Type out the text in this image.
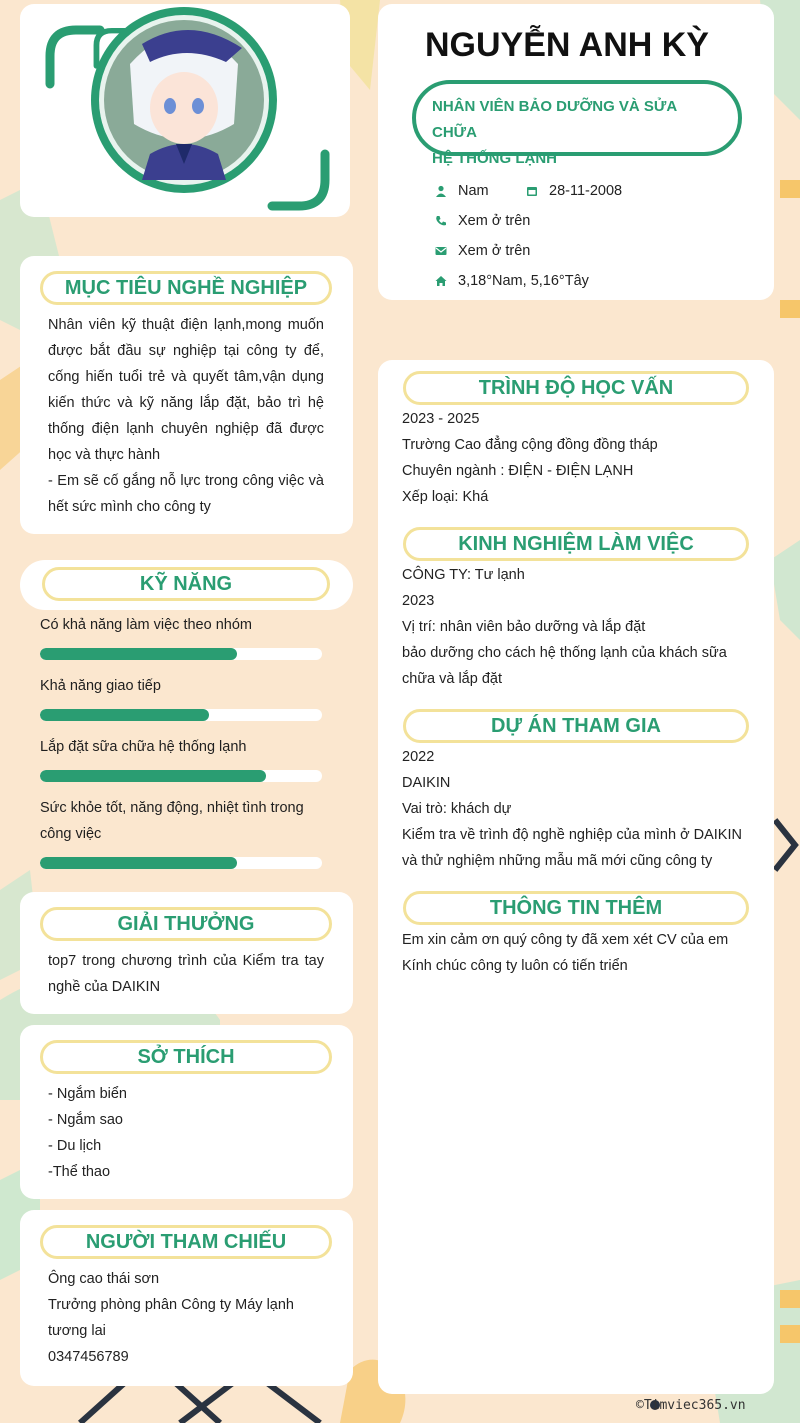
NGUYỄN ANH KỲ
NHÂN VIÊN BẢO DƯỠNG VÀ SỬA CHỮA
HỆ THỐNG LẠNH
Nam	28-11-2008
Xem ở trên
Xem ở trên
3,18°Nam, 5,16°Tây
MỤC TIÊU NGHỀ NGHIỆP
Nhân viên kỹ thuật điện lạnh,mong muốn được bắt đầu sự nghiệp tại công ty để, cống hiến tuổi trẻ và quyết tâm,vận dụng kiến thức và kỹ năng lắp đặt, bảo trì hệ thống điện lạnh chuyên nghiệp đã được học và thực hành
- Em sẽ cố gắng nỗ lực trong công việc và hết sức mình cho công ty
KỸ NĂNG
Có khả năng làm việc theo nhóm
Khả năng giao tiếp
Lắp đặt sữa chữa hệ thống lạnh
Sức khỏe tốt, năng động, nhiệt tình trong công việc
GIẢI THƯỞNG
top7 trong chương trình của Kiểm tra tay nghề của DAIKIN
SỞ THÍCH
- Ngắm biển
- Ngắm sao
- Du lịch
-Thể thao
NGƯỜI THAM CHIẾU
Ông cao thái sơn
Trưởng phòng phân Công ty Máy lạnh tương lai
0347456789
TRÌNH ĐỘ HỌC VẤN
2023 - 2025
Trường Cao đẳng cộng đồng đồng tháp
Chuyên ngành : ĐIỆN - ĐIỆN LẠNH
Xếp loại: Khá
KINH NGHIỆM LÀM VIỆC
CÔNG TY: Tư lạnh
2023
Vị trí: nhân viên bảo dưỡng và lắp đặt
bảo dưỡng cho cách hệ thống lạnh của khách sữa chữa và lắp đặt
DỰ ÁN THAM GIA
2022
DAIKIN
Vai trò: khách dự
Kiểm tra về trình độ nghề nghiệp của mình ở DAIKIN và thử nghiệm những mẫu mã mới cũng công ty
THÔNG TIN THÊM
Em xin cảm ơn quý công ty đã xem xét CV của em Kính chúc công ty luôn có tiến triển
©Timviec365.vn
